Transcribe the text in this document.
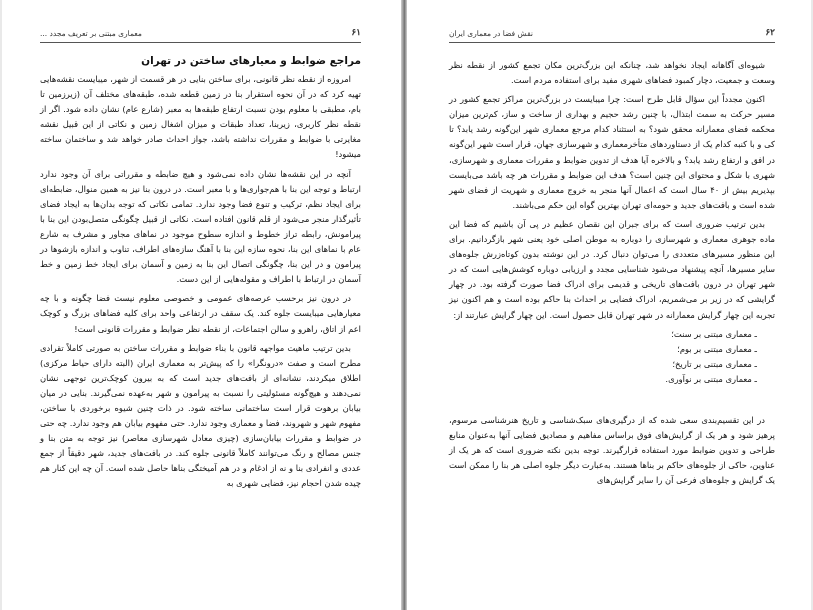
۶۱
معماری مبتنی بر تعریف مجدد ...
مراجع ضوابط و معیارهای ساختن در تهران

امروزه از نقطه نظر قانونی، برای ساختن بنایی در هر قسمت از شهر، میبایست نقشه‌هایی تهیه کرد که در آن نحوه استقرار بنا در زمین قطعه شده، طبقه‌های مختلف آن (زیرزمین تا بام، مطبقی با معلوم بودن نسبت ارتفاع طبقه‌ها به معبر (شارع عام) نشان داده شود. اگر از نقطه نظر کاربری، زیربنا، تعداد طبقات و میزان اشغال زمین و نکاتی از این قبیل نقشه مغایرتی با ضوابط و مقررات نداشته باشد، جواز احداث صادر خواهد شد و ساختمان ساخته میشود!

آنچه در این نقشه‌ها نشان داده نمی‌شود و هیچ ضابطه و مقرراتی برای آن وجود ندارد ارتباط و توجه این بنا با هم‌جواری‌ها و با معبر است. در درون بنا نیز به همین منوال، ضابطه‌ای برای ایجاد نظم، ترکیب و تنوع فضا وجود ندارد. تمامی نکاتی که توجه بدان‌ها به ایجاد فضای تأثیرگذار منجر می‌شود از قلم قانون افتاده است. نکاتی از قبیل چگونگی متصل‌بودن این بنا با پیرامونش، رابطه تراز خطوط و اندازه سطوح موجود در نماهای مجاور و مشرف به شارع عام با نماهای این بنا، نحوه سازه این بنا با آهنگ سازه‌های اطراف، تناوب و اندازه بازشوها در پیرامون و در این بنا، چگونگی اتصال این بنا به زمین و آسمان برای ایجاد خط زمین و خط آسمان در ارتباط با اطراف و مقوله‌هایی از این دست.

در درون نیز برحسب عرصه‌های عمومی و خصوصی معلوم نیست فضا چگونه و با چه معیارهایی میبایست جلوه کند. یک سقف در ارتفاعی واحد برای کلیه فضاهای بزرگ و کوچک اعم از اتاق، راهرو و سالن اجتماعات، از نقطه نظر ضوابط و مقررات قانونی است!

بدین ترتیب ماهیت مواجهه قانون با بناء ضوابط و مقررات ساختن به صورتی کاملاً تقرادی مطرح است و صفت «درونگرا» را که پیش‌تر به معماری ایران (البته دارای حیاط مرکزی) اطلاق میکردند، نشانه‌ای از بافت‌های جدید است که به بیرون کوچک‌ترین توجهی نشان نمی‌دهند و هیچ‌گونه مسئولیتی را نسبت به پیرامون و شهر به‌عهده نمی‌گیرند. بنایی در میان بیابان برهوت قرار است ساختمانی ساخته شود. در ذات چنین شیوه برخوردی با ساختن، مفهوم شهر و شهروند، فضا و معماری وجود ندارد. حتی مفهوم بیابان هم وجود ندارد. چه حتی در ضوابط و مقررات بیابان‌سازی (چیزی معادل شهرسازی معاصر) نیز توجه به متن بنا و جنس مصالح و رنگ می‌توانند کاملاً قانونی جلوه کند. در بافت‌های جدید، شهر دقیقاً از جمع عددی و انفرادی بنا و نه از ادغام و در هم آمیختگی بناها حاصل شده است. آن چه این کنار هم چیده شدن احجام نیز، فضایی شهری به

۶۲
نقش فضا در معماری ایران

شیوه‌ای آگاهانه ایجاد نخواهد شد، چنانکه این بزرگ‌ترین مکان تجمع کشور از نقطه نظر وسعت و جمعیت، دچار کمبود فضاهای شهری مفید برای استفاده مردم است.

اکنون مجدداً این سؤال قابل طرح است: چرا میبایست در بزرگ‌ترین مراکز تجمع کشور در مسیر حرکت به سمت ابتذال، با چنین رشد حجیم و بهداری از ساخت و ساز، کم‌ترین میزان محکمه فضای معمارانه محقق شود؟ به استثناد کدام مرجع معماری شهر این‌گونه رشد یابد؟ تا کی و با کنبه کدام یک از دستاوردهای متأخرمعماری و شهرسازی جهان، قرار است شهر این‌گونه در افق و ارتفاع رشد یابد؟ و بالاخره آیا هدف از تدوین ضوابط و مقررات معماری و شهرسازی، شهری با شکل و محتوای این چنین است؟ هدف این ضوابط و مقررات هر چه باشد می‌بایست بپذیریم بیش از ۴۰ سال است که اعمال آنها منجر به خروج معماری و شهریت از فضای شهر شده است و بافت‌های جدید و حومه‌ای تهران بهترین گواه این حکم می‌باشند.

بدین ترتیب ضروری است که برای جبران این نقصان عظیم در پی آن باشیم که فضا این ماده جوهری معماری و شهرسازی را دوباره به موطن اصلی خود یعنی شهر بازگردانیم. برای این منظور مسیرهای متعددی را می‌توان دنبال کرد. در این نوشته بدون کوتاه‌زرش جلوه‌های سایر مسیرها، آنچه پیشنهاد می‌شود شناسایی مجدد و ارزیابی دوباره کوشش‌هایی است که در شهر تهران در درون بافت‌های تاریخی و قدیمی برای ادراک فضا صورت گرفته بود. در چهار گرایشی که در زیر بر می‌شمریم، ادراک فضایی بر احداث بنا حاکم بوده است و هم اکنون نیز تجربه این چهار گرایش معمارانه در شهر تهران قابل حصول است. این چهار گرایش عبارتند از:

ـ معماری مبتنی بر سنت؛
ـ معماری مبتنی بر بوم؛
ـ معماری مبتنی بر تاریخ؛
ـ معماری مبتنی بر نوآوری.

در این تقسیم‌بندی سعی شده که از درگیری‌های سبک‌شناسی و تاریخ هنرشناسی مرسوم، پرهیز شود و هر یک از گرایش‌های فوق براساس مفاهیم و مصادیق فضایی آنها به‌عنوان منابع طراحی و تدوین ضوابط مورد استفاده قرارگیرند. توجه بدین نکته ضروری است که هر یک از عناوین، حاکی از جلوه‌های حاکم بر بناها هستند. به‌عبارت دیگر جلوه اصلی هر بنا را ممکن است یک گرایش و جلوه‌های فرعی آن را سایر گرایش‌های
